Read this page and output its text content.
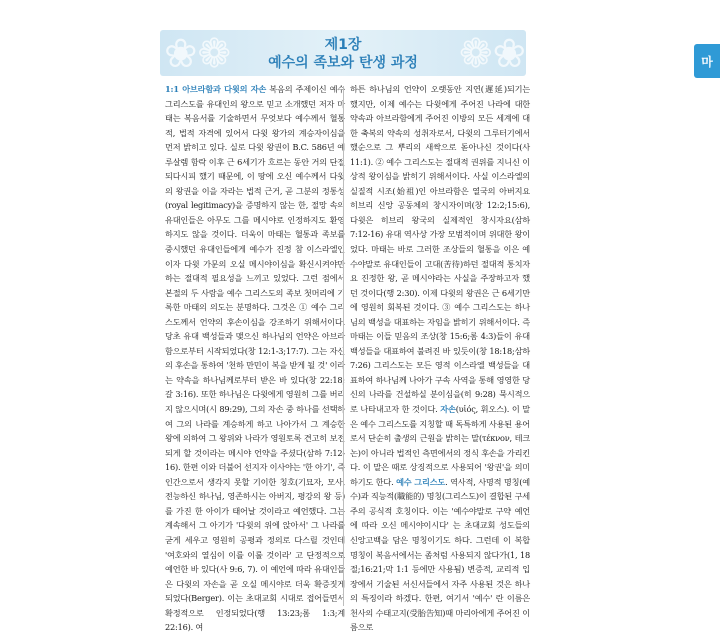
❀❁	❁❀
제1장
예수의 족보와 탄생 과정	마
1:1 아브라함과 다윗의 자손 복음의 주제이신 예수 그리스도를 유대인의 왕으로 믿고 소개했던 저자 마태는 복음서를 기술하면서 무엇보다 예수께서 혈통적, 법적 자격에 있어서 다윗 왕가의 계승자이심을 먼저 밝히고 있다. 실로 다윗 왕권이 B.C. 586년 예루살렘 함락 이후 근 6세기가 흐르는 동안 거의 단절되다시피 했기 때문에, 이 땅에 오신 예수께서 다윗의 왕권을 이을 자라는 법적 근거, 곧 그분의 정통성(royal legitimacy)을 증명하지 않는 한, 절망 속의 유대인들은 아무도 그를 메시야로 인정하지도 환영하지도 않을 것이다. 더욱이 마태는 혈통과 족보를 중시했던 유대인들에게 예수가 진정 참 이스라엘인이자 다윗 가문의 오실 메시야이심을 확신시켜야만 하는 절대적 필요성을 느끼고 있었다. 그런 점에서 본절의 두 사람을 예수 그리스도의 족보 첫머리에 기록한 마태의 의도는 분명하다. 그것은 ① 예수 그리스도께서 언약의 후손이심을 강조하기 위해서이다. 당초 유대 백성들과 맺으신 하나님의 언약은 아브라함으로부터 시작되었다(창 12:1-3;17:7). 그는 자신의 후손을 통하여 '천하 만민이 복을 받게 될 것' 이라는 약속을 하나님께로부터 받은 바 있다(창 22:18;갈 3:16). 또한 하나님은 다윗에게 영원히 그를 버리지 않으시며(시 89:29), 그의 자손 중 하나를 선택하여 그의 나라를 계승하게 하고 나아가서 그 계승한 왕에 의하여 그 왕위와 나라가 영원토록 견고히 보전되게 할 것이라는 메시야 언약을 주셨다(삼하 7:12-16). 한편 이와 더불어 선지자 이사야는 '한 아기', 즉 인간으로서 생각지 못할 기이한 칭호(기묘자, 모사, 전능하신 하나님, 영존하시는 아버지, 평강의 왕 등)를 가진 한 아이가 태어날 것이라고 예언했다. 그는 계속해서 그 아기가 '다윗의 위에 앉아서' 그 나라를 굳게 세우고 영원히 공평과 정의로 다스릴 것인데 '여호와의 열심이 이를 이룰 것이라' 고 단정적으로 예언한 바 있다(사 9:6, 7). 이 예언에 따라 유대인들은 다윗의 자손을 곧 오실 메시야로 더욱 확증짓게 되었다(Berger). 이는 초대교회 시대로 접어들면서 확정적으로 인정되었다(행 13:23;롬 1:3;계 22:16). 여
하튼 하나님의 언약이 오랫동안 지연(遲延)되기는 했지만, 이제 예수는 다윗에게 주어진 나라에 대한 약속과 아브라함에게 주어진 이방의 모든 세계에 대한 축복의 약속의 성취자로서, 다윗의 그루터기에서 했순으로 그 뿌리의 새싹으로 돋아나신 것이다(사 11:1). ② 예수 그리스도는 절대적 권위를 지니신 이상적 왕이심을 밝히기 위해서이다. 사실 이스라엘의 실질적 시조(始祖)인 아브라함은 열국의 아버지요 히브리 신앙 공동체의 창시자이며(창 12:2;15:6), 다윗은 히브리 왕국의 실제적인 창시자요(삼하 7:12-16) 유대 역사상 가장 모범적이며 위대한 왕이었다. 마태는 바로 그러한 조상들의 혈통을 이은 예수야말로 유대인들이 고대(苦待)하던 절대적 통치자요 진정한 왕, 곧 메시야라는 사실을 주장하고자 했던 것이다(행 2:30). 이제 다윗의 왕권은 근 6세기만에 영원히 회복된 것이다. ③ 예수 그리스도는 하나님의 백성을 대표하는 자임을 밝히기 위해서이다. 즉 마태는 이들 믿음의 조상(창 15:6;롬 4:3)들이 유대 백성들을 대표하여 불려진 바 있듯이(창 18:18;삼하 7:26) 그리스도는 모든 영적 이스라엘 백성들을 대표하여 하나님께 나아가 구속 사역을 통해 영영한 당신의 나라를 건설하실 분이심을(히 9:28) 묵시적으로 나타내고자 한 것이다. 자손(υἱός, 휘오스). 이 말은 예수 그리스도를 지칭할 때 독특하게 사용된 용어로서 단순히 출생의 근원을 밝히는 말(τέκνον, 테크논)이 아니라 법적인 측면에서의 정식 후손을 가리킨다. 이 말은 때로 상징적으로 사용되어 '왕권'을 의미하기도 한다. 예수 그리스도. 역사적, 사명적 명칭(예수)과 직능적(職能的) 명칭(그리스도)이 결합된 구세주의 공식적 호칭이다. 이는 '예수야말로 구약 예언에 따라 오신 메시야이시다' 는 초대교회 성도들의 신앙고백을 담은 명칭이기도 하다. 그런데 이 복합 명칭이 복음서에서는 좀처럼 사용되지 않다가(1, 18절;16:21;막 1:1 등에만 사용됨) 변증적, 교리적 입장에서 기술된 서신서들에서 자주 사용된 것은 하나의 특징이라 하겠다. 한편, 여기서 '예수' 란 이름은 천사의 수태고지(受胎告知)때 마리아에게 주어진 이름으로
